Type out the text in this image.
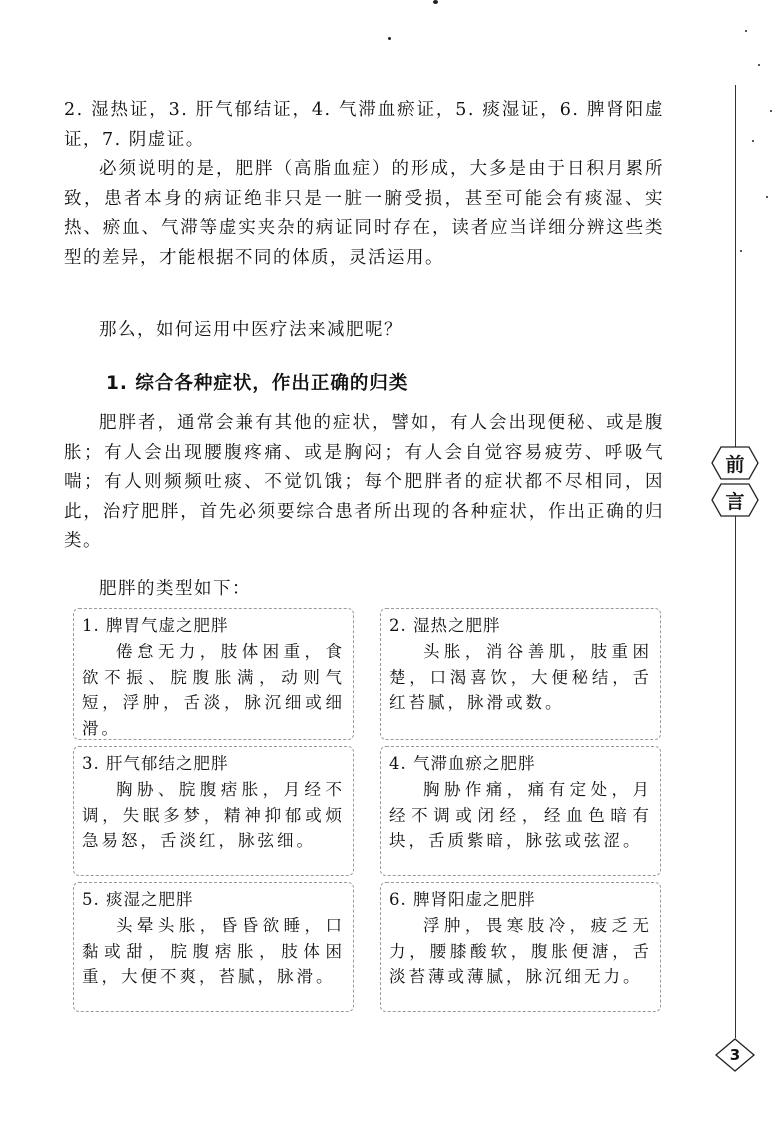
2. 湿热证，3. 肝气郁结证，4. 气滞血瘀证，5. 痰湿证，6. 脾肾阳虚证，7. 阴虚证。

必须说明的是，肥胖（高脂血症）的形成，大多是由于日积月累所致，患者本身的病证绝非只是一脏一腑受损，甚至可能会有痰湿、实热、瘀血、气滞等虚实夹杂的病证同时存在，读者应当详细分辨这些类型的差异，才能根据不同的体质，灵活运用。

那么，如何运用中医疗法来减肥呢？

1. 综合各种症状，作出正确的归类

肥胖者，通常会兼有其他的症状，譬如，有人会出现便秘、或是腹胀；有人会出现腰腹疼痛、或是胸闷；有人会自觉容易疲劳、呼吸气喘；有人则频频吐痰、不觉饥饿；每个肥胖者的症状都不尽相同，因此，治疗肥胖，首先必须要综合患者所出现的各种症状，作出正确的归类。

肥胖的类型如下：

1. 脾胃气虚之肥胖

倦怠无力，肢体困重，食欲不振、脘腹胀满，动则气短，浮肿，舌淡，脉沉细或细滑。

2. 湿热之肥胖

头胀，消谷善肌，肢重困楚，口渴喜饮，大便秘结，舌红苔腻，脉滑或数。

3. 肝气郁结之肥胖

胸胁、脘腹痞胀，月经不调，失眠多梦，精神抑郁或烦急易怒，舌淡红，脉弦细。

4. 气滞血瘀之肥胖

胸胁作痛，痛有定处，月经不调或闭经，经血色暗有块，舌质紫暗，脉弦或弦涩。

5. 痰湿之肥胖

头晕头胀，昏昏欲睡，口黏或甜，脘腹痞胀，肢体困重，大便不爽，苔腻，脉滑。

6. 脾肾阳虚之肥胖

浮肿，畏寒肢冷，疲乏无力，腰膝酸软，腹胀便溏，舌淡苔薄或薄腻，脉沉细无力。

前
言
3
